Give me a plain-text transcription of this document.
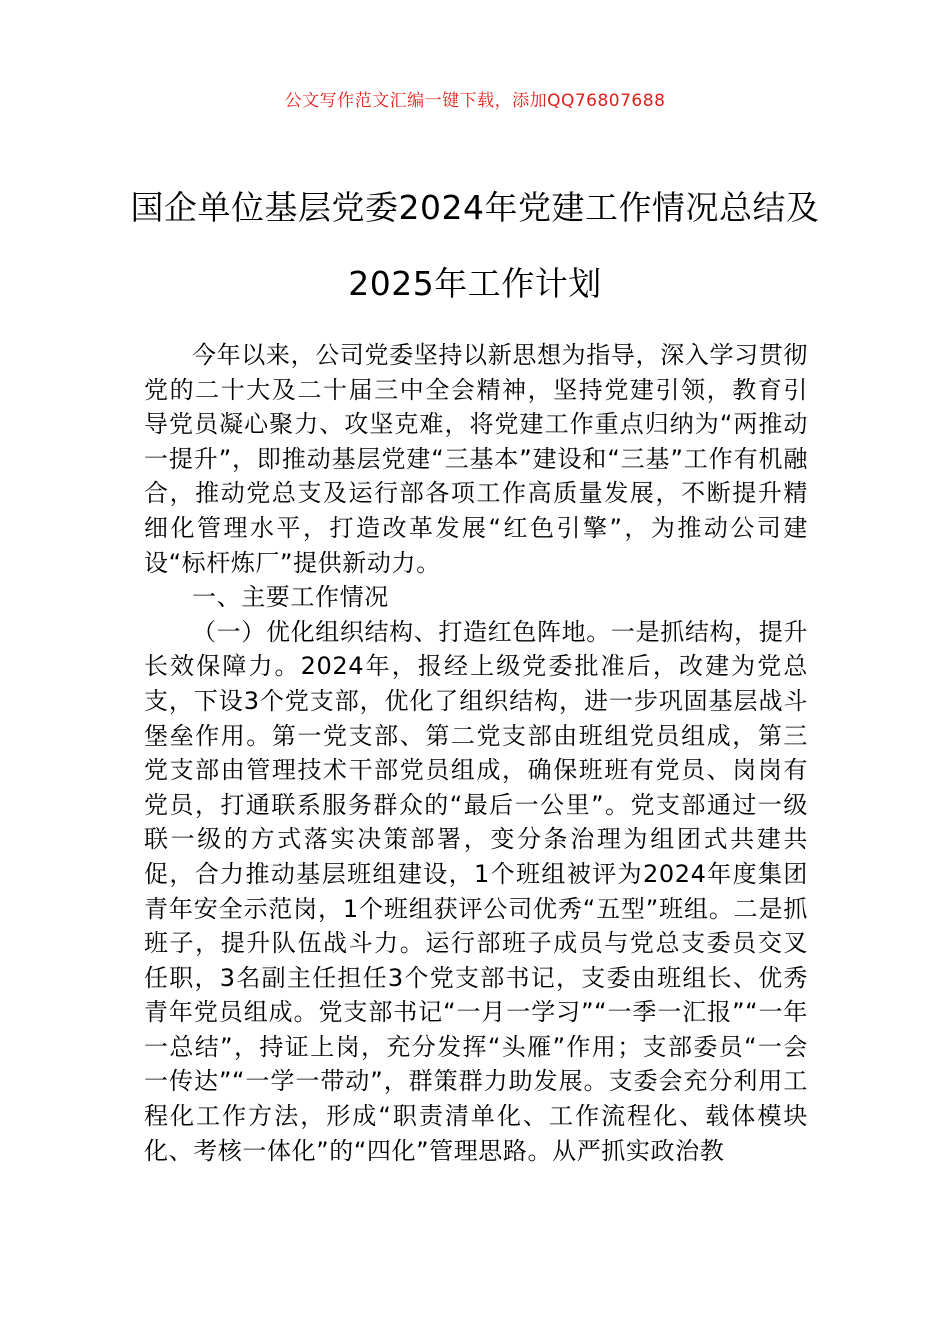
公文写作范文汇编一键下载，添加QQ76807688
国企单位基层党委2024年党建工作情况总结及2025年工作计划

今年以来，公司党委坚持以新思想为指导，深入学习贯彻党的二十大及二十届三中全会精神，坚持党建引领，教育引导党员凝心聚力、攻坚克难，将党建工作重点归纳为“两推动一提升”，即推动基层党建“三基本”建设和“三基”工作有机融合，推动党总支及运行部各项工作高质量发展，不断提升精细化管理水平，打造改革发展“红色引擎”，为推动公司建设“标杆炼厂”提供新动力。

一、主要工作情况

（一）优化组织结构、打造红色阵地。一是抓结构，提升长效保障力。2024年，报经上级党委批准后，改建为党总支，下设3个党支部，优化了组织结构，进一步巩固基层战斗堡垒作用。第一党支部、第二党支部由班组党员组成，第三党支部由管理技术干部党员组成，确保班班有党员、岗岗有党员，打通联系服务群众的“最后一公里”。党支部通过一级联一级的方式落实决策部署，变分条治理为组团式共建共促，合力推动基层班组建设，1个班组被评为2024年度集团青年安全示范岗，1个班组获评公司优秀“五型”班组。二是抓班子，提升队伍战斗力。运行部班子成员与党总支委员交叉任职，3名副主任担任3个党支部书记，支委由班组长、优秀青年党员组成。党支部书记“一月一学习”“一季一汇报”“一年一总结”，持证上岗，充分发挥“头雁”作用；支部委员“一会一传达”“一学一带动”，群策群力助发展。支委会充分利用工程化工作方法，形成“职责清单化、工作流程化、载体模块化、考核一体化”的“四化”管理思路。从严抓实政治教
